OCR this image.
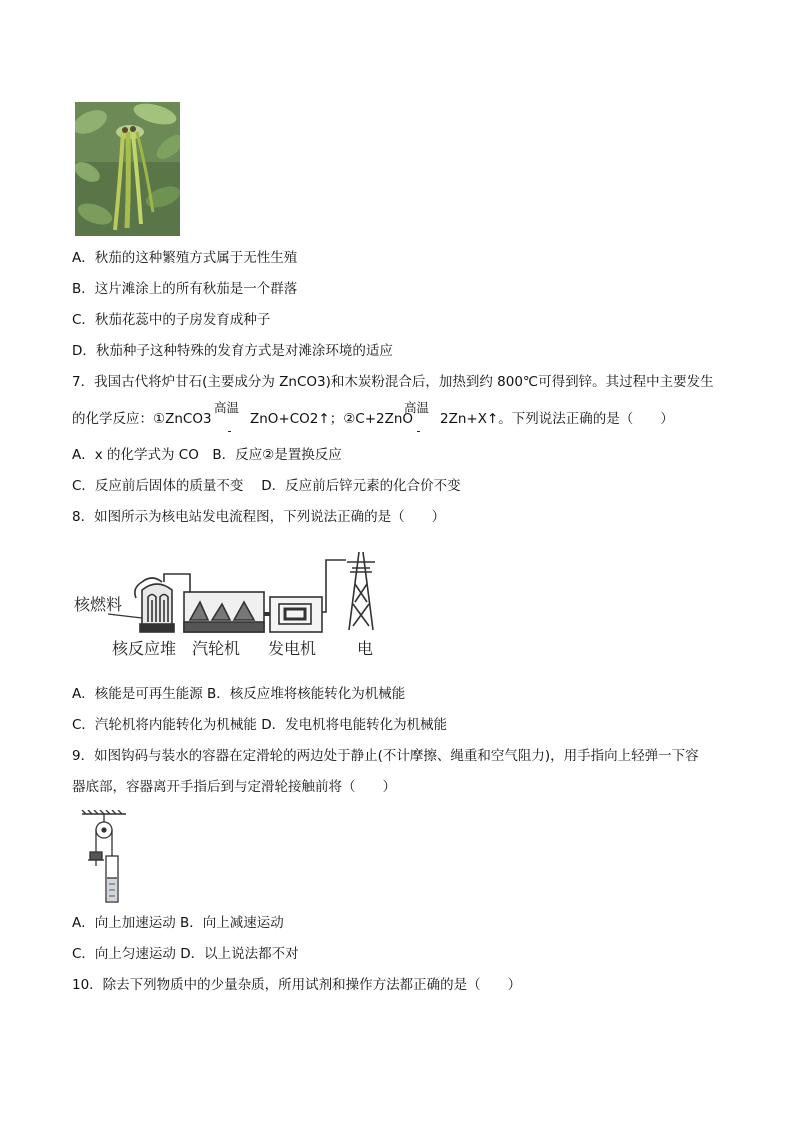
A．秋茄的这种繁殖方式属于无性生殖
B．这片滩涂上的所有秋茄是一个群落
C．秋茄花蕊中的子房发育成种子
D．秋茄种子这种特殊的发育方式是对滩涂环境的适应
7．我国古代将炉甘石(主要成分为 ZnCO3)和木炭粉混合后，加热到约 800℃可得到锌。其过程中主要发生
的化学反应：①ZnCO3
高温
ZnO+CO2↑；②C+2ZnO
高温
2Zn+X↑。下列说法正确的是（　　）
A．x 的化学式为 CO　B．反应②是置换反应
C．反应前后固体的质量不变　 D．反应前后锌元素的化合价不变
8．如图所示为核电站发电流程图，下列说法正确的是（　　）
核燃料
核反应堆 汽轮机 发电机	电
A．核能是可再生能源 B．核反应堆将核能转化为机械能
C．汽轮机将内能转化为机械能 D．发电机将电能转化为机械能
9．如图钩码与装水的容器在定滑轮的两边处于静止(不计摩擦、绳重和空气阻力)，用手指向上轻弹一下容
器底部，容器离开手指后到与定滑轮接触前将（　　）
A．向上加速运动 B．向上减速运动
C．向上匀速运动 D．以上说法都不对
10．除去下列物质中的少量杂质，所用试剂和操作方法都正确的是（　　）
